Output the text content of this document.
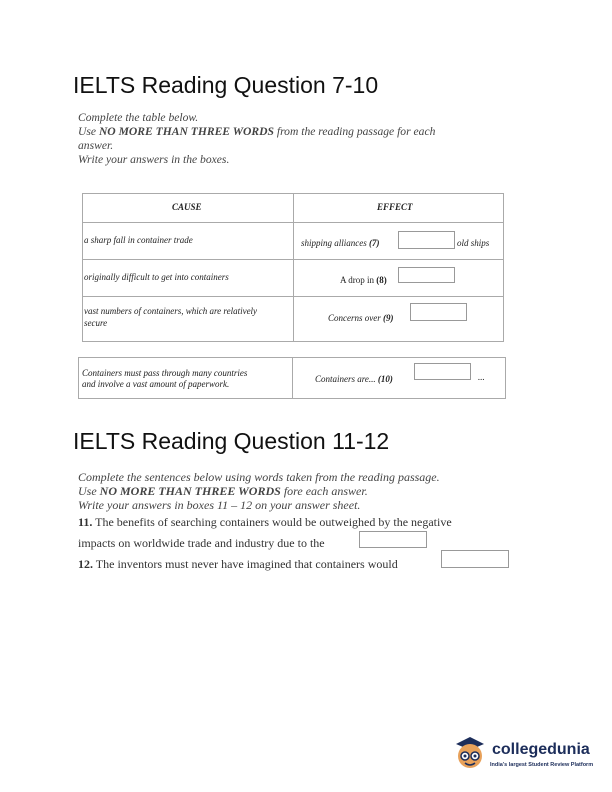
IELTS Reading Question 7-10
Complete the table below.
Use NO MORE THAN THREE WORDS from the reading passage for each
answer.
Write your answers in the boxes.
CAUSE	EFFECT
a sharp fall in container trade	shipping alliances (7)	old ships
originally difficult to get into containers	A drop in (8)
vast numbers of containers, which are relatively
secure	Concerns over (9)
Containers must pass through many countries
and involve a vast amount of paperwork.	Containers are... (10)	...
IELTS Reading Question 11-12
Complete the sentences below using words taken from the reading passage.
Use NO MORE THAN THREE WORDS fore each answer.
Write your answers in boxes 11 – 12 on your answer sheet.
11. The benefits of searching containers would be outweighed by the negative
impacts on worldwide trade and industry due to the
12. The inventors must never have imagined that containers would
collegedunia
India's largest Student Review Platform
